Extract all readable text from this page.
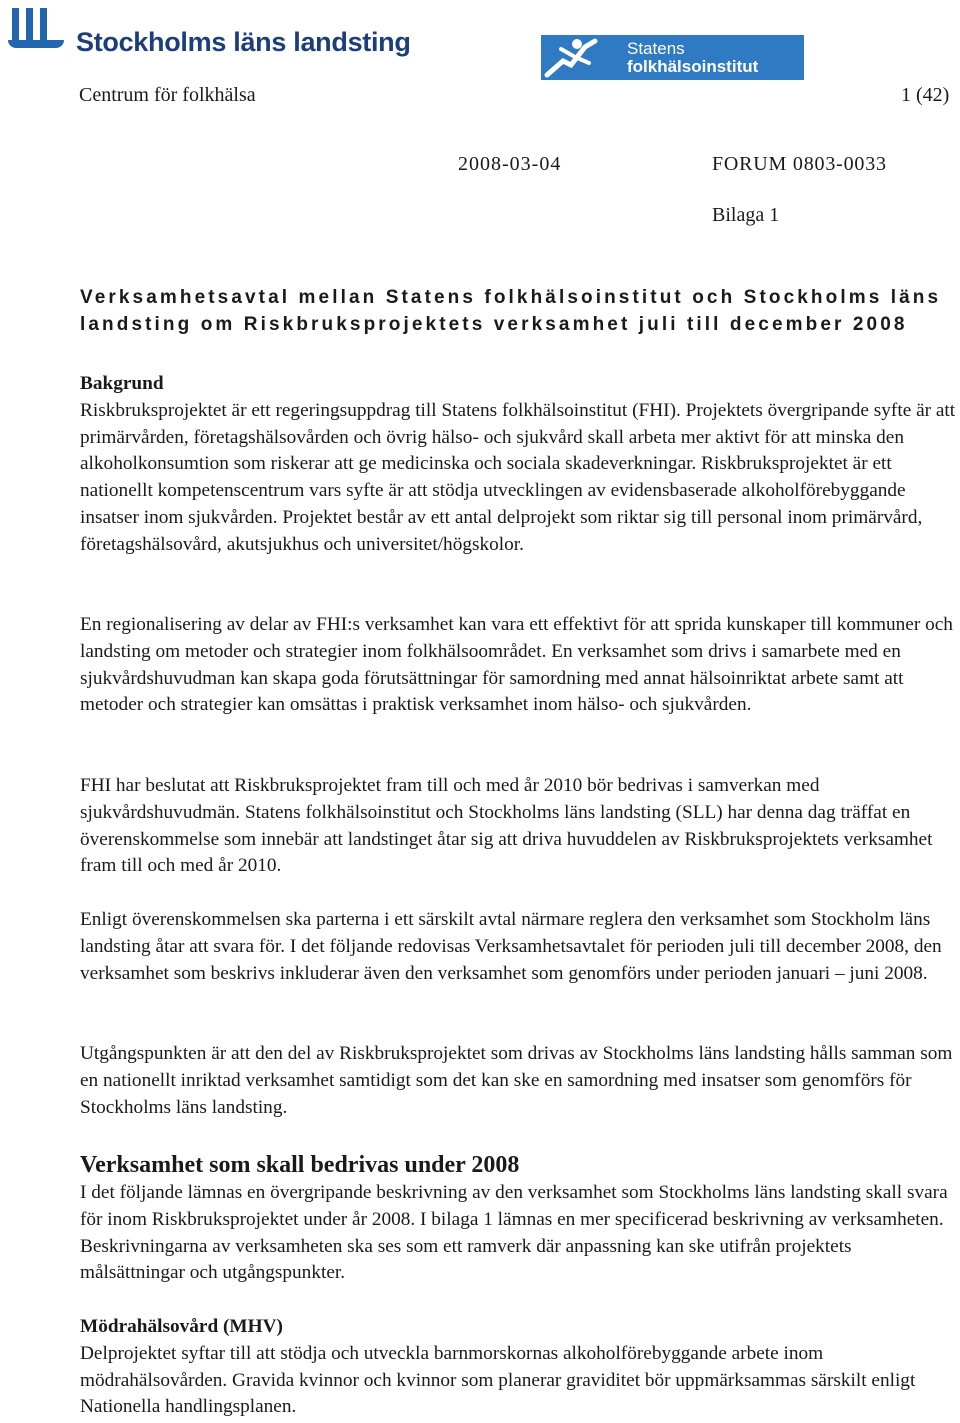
Stockholms läns landsting	Statens
folkhälsoinstitut
Centrum för folkhälsa	1 (42)
2008-03-04	FORUM 0803-0033
Bilaga 1
Verksamhetsavtal mellan Statens folkhälsoinstitut och Stockholms läns
landsting om Riskbruksprojektets verksamhet juli till december 2008

Bakgrund

Riskbruksprojektet är ett regeringsuppdrag till Statens folkhälsoinstitut (FHI). Projektets övergripande syfte är att primärvården, företagshälsovården och övrig hälso- och sjukvård skall arbeta mer aktivt för att minska den alkoholkonsumtion som riskerar att ge medicinska och sociala skadeverkningar. Riskbruksprojektet är ett nationellt kompetenscentrum vars syfte är att stödja utvecklingen av evidensbaserade alkoholförebyggande insatser inom sjukvården. Projektet består av ett antal delprojekt som riktar sig till personal inom primärvård, företagshälsovård, akutsjukhus och universitet/högskolor.

En regionalisering av delar av FHI:s verksamhet kan vara ett effektivt för att sprida kunskaper till kommuner och landsting om metoder och strategier inom folkhälsoområdet. En verksamhet som drivs i samarbete med en sjukvårdshuvudman kan skapa goda förutsättningar för samordning med annat hälsoinriktat arbete samt att metoder och strategier kan omsättas i praktisk verksamhet inom hälso- och sjukvården.

FHI har beslutat att Riskbruksprojektet fram till och med år 2010 bör bedrivas i samverkan med sjukvårdshuvudmän. Statens folkhälsoinstitut och Stockholms läns landsting (SLL) har denna dag träffat en överenskommelse som innebär att landstinget åtar sig att driva huvuddelen av Riskbruksprojektets verksamhet fram till och med år 2010.

Enligt överenskommelsen ska parterna i ett särskilt avtal närmare reglera den verksamhet som Stockholm läns landsting åtar att svara för. I det följande redovisas Verksamhetsavtalet för perioden juli till december 2008, den verksamhet som beskrivs inkluderar även den verksamhet som genomförs under perioden januari – juni 2008.

Utgångspunkten är att den del av Riskbruksprojektet som drivas av Stockholms läns landsting hålls samman som en nationellt inriktad verksamhet samtidigt som det kan ske en samordning med insatser som genomförs för Stockholms läns landsting.

Verksamhet som skall bedrivas under 2008

I det följande lämnas en övergripande beskrivning av den verksamhet som Stockholms läns landsting skall svara för inom Riskbruksprojektet under år 2008. I bilaga 1 lämnas en mer specificerad beskrivning av verksamheten. Beskrivningarna av verksamheten ska ses som ett ramverk där anpassning kan ske utifrån projektets målsättningar och utgångspunkter.

Mödrahälsovård (MHV)

Delprojektet syftar till att stödja och utveckla barnmorskornas alkoholförebyggande arbete inom mödrahälsovården. Gravida kvinnor och kvinnor som planerar graviditet bör uppmärksammas särskilt enligt Nationella handlingsplanen.
